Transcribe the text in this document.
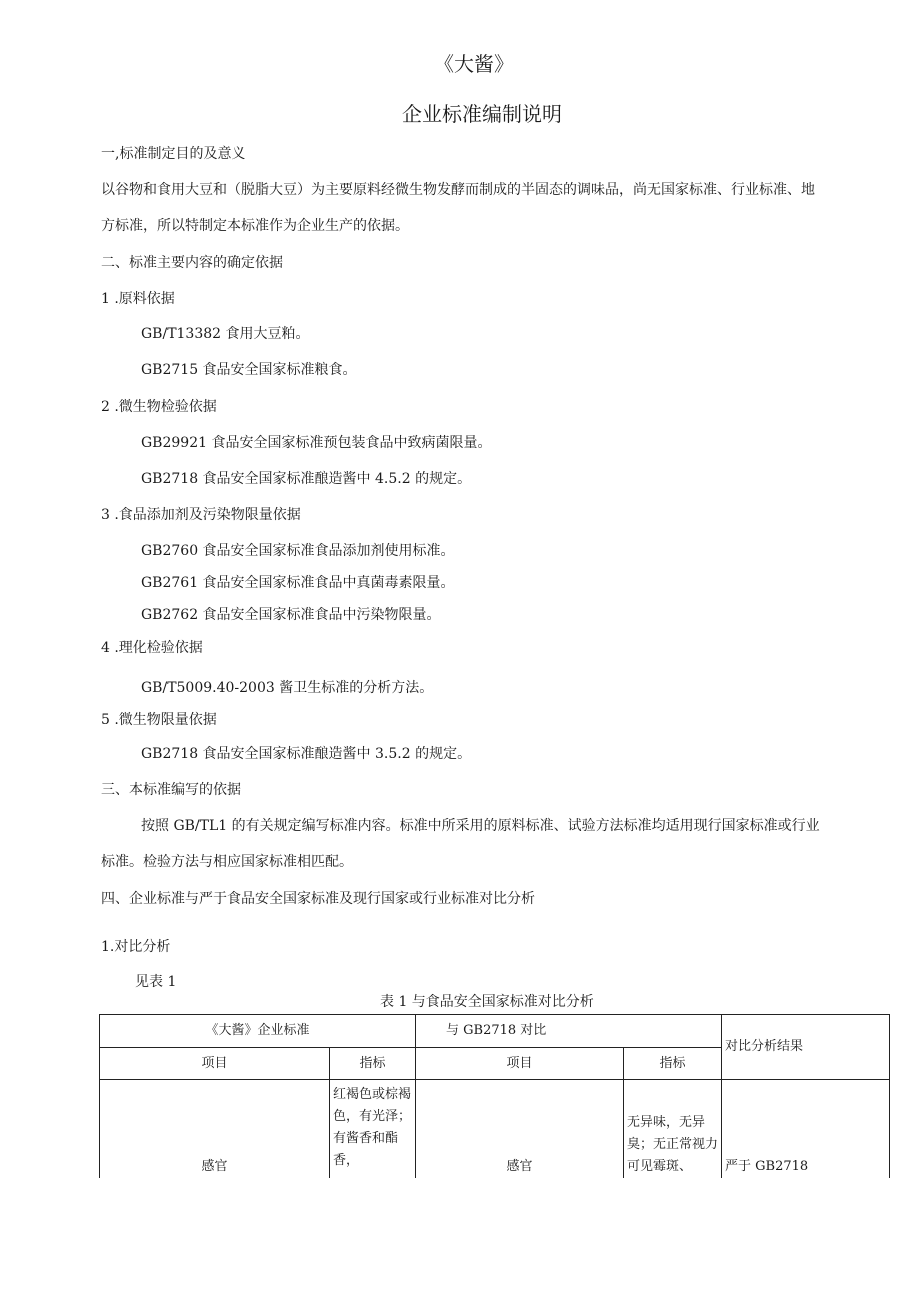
《大酱》
企业标准编制说明
一,标准制定目的及意义
以谷物和食用大豆和（脱脂大豆）为主要原料经微生物发酵而制成的半固态的调味品，尚无国家标准、行业标准、地
方标准，所以特制定本标准作为企业生产的依据。
二、标准主要内容的确定依据
1 .原料依据
GB/T13382 食用大豆粕。
GB2715 食品安全国家标准粮食。
2 .微生物检验依据
GB29921 食品安全国家标准预包装食品中致病菌限量。
GB2718 食品安全国家标准酿造酱中 4.5.2 的规定。
3 .食品添加剂及污染物限量依据
GB2760 食品安全国家标准食品添加剂使用标准。
GB2761 食品安全国家标准食品中真菌毒素限量。
GB2762 食品安全国家标准食品中污染物限量。
4 .理化检验依据
GB/T5009.40-2003 酱卫生标准的分析方法。
5 .微生物限量依据
GB2718 食品安全国家标准酿造酱中 3.5.2 的规定。
三、本标准编写的依据
按照 GB/TL1 的有关规定编写标准内容。标准中所采用的原料标准、试验方法标准均适用现行国家标准或行业
标准。检验方法与相应国家标准相匹配。
四、企业标准与严于食品安全国家标准及现行国家或行业标准对比分析
1.对比分析
见表 1
表 1 与食品安全国家标准对比分析
《大酱》企业标准		与 GB2718 对比		对比分析结果
项目	指标	项目	指标	
感官	红褐色或棕褐色，有光泽；有酱香和酯香，	感官	无异味，无异臭；无正常视力可见霉斑、	严于 GB2718
